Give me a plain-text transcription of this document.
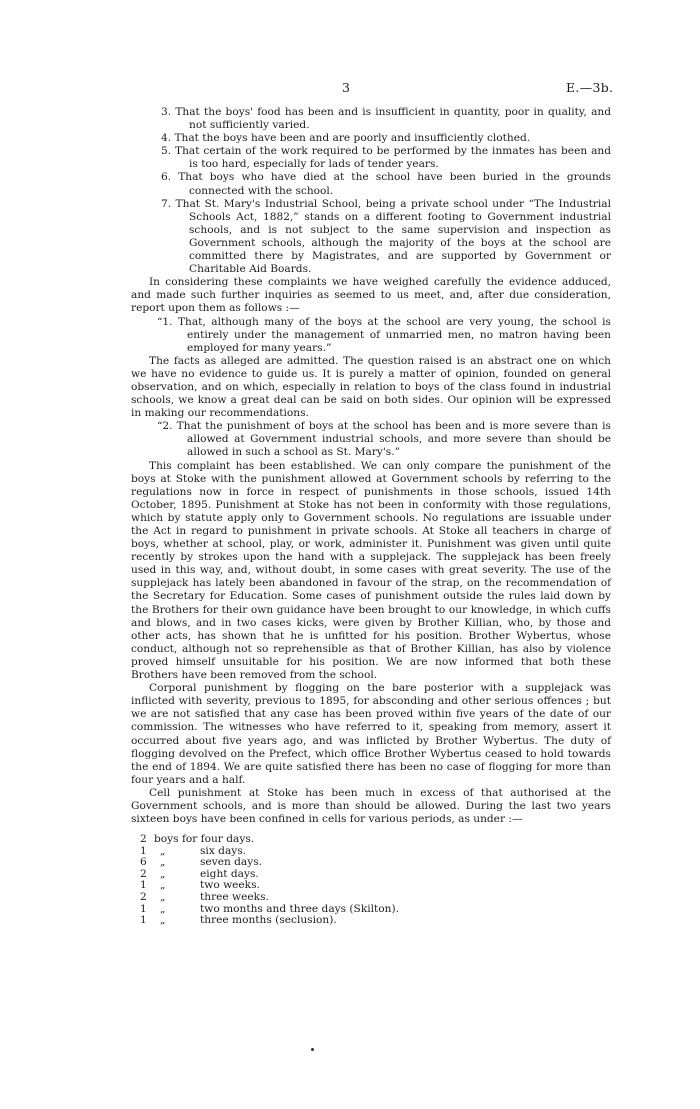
3	E.—3b.

3. That the boys' food has been and is insufficient in quantity, poor in quality, and not sufficiently varied.

4. That the boys have been and are poorly and insufficiently clothed.

5. That certain of the work required to be performed by the inmates has been and is too hard, especially for lads of tender years.

6. That boys who have died at the school have been buried in the grounds connected with the school.

7. That St. Mary's Industrial School, being a private school under “The Industrial Schools Act, 1882,” stands on a different footing to Government industrial schools, and is not subject to the same supervision and inspection as Government schools, although the majority of the boys at the school are committed there by Magistrates, and are supported by Government or Charitable Aid Boards.

In considering these complaints we have weighed carefully the evidence adduced, and made such further inquiries as seemed to us meet, and, after due consideration, report upon them as follows :—

“1. That, although many of the boys at the school are very young, the school is entirely under the management of unmarried men, no matron having been employed for many years.”

The facts as alleged are admitted. The question raised is an abstract one on which we have no evidence to guide us. It is purely a matter of opinion, founded on general observation, and on which, especially in relation to boys of the class found in industrial schools, we know a great deal can be said on both sides. Our opinion will be expressed in making our recommendations.

“2. That the punishment of boys at the school has been and is more severe than is allowed at Government industrial schools, and more severe than should be allowed in such a school as St. Mary's.”

This complaint has been established. We can only compare the punishment of the boys at Stoke with the punishment allowed at Government schools by referring to the regulations now in force in respect of punishments in those schools, issued 14th October, 1895. Punishment at Stoke has not been in conformity with those regulations, which by statute apply only to Government schools. No regulations are issuable under the Act in regard to punishment in private schools. At Stoke all teachers in charge of boys, whether at school, play, or work, administer it. Punishment was given until quite recently by strokes upon the hand with a supplejack. The supplejack has been freely used in this way, and, without doubt, in some cases with great severity. The use of the supplejack has lately been abandoned in favour of the strap, on the recommendation of the Secretary for Education. Some cases of punishment outside the rules laid down by the Brothers for their own guidance have been brought to our knowledge, in which cuffs and blows, and in two cases kicks, were given by Brother Killian, who, by those and other acts, has shown that he is unfitted for his position. Brother Wybertus, whose conduct, although not so reprehensible as that of Brother Killian, has also by violence proved himself unsuitable for his position. We are now informed that both these Brothers have been removed from the school.

Corporal punishment by flogging on the bare posterior with a supplejack was inflicted with severity, previous to 1895, for absconding and other serious offences ; but we are not satisfied that any case has been proved within five years of the date of our commission. The witnesses who have referred to it, speaking from memory, assert it occurred about five years ago, and was inflicted by Brother Wybertus. The duty of flogging devolved on the Prefect, which office Brother Wybertus ceased to hold towards the end of 1894. We are quite satisfied there has been no case of flogging for more than four years and a half.

Cell punishment at Stoke has been much in excess of that authorised at the Government schools, and is more than should be allowed. During the last two years sixteen boys have been confined in cells for various periods, as under :—

2 boys for four days.
1 „	six days.
6 „	seven days.
2 „	eight days.
1 „	two weeks.
2 „	three weeks.
1 „	two months and three days (Skilton).
1 „	three months (seclusion).
